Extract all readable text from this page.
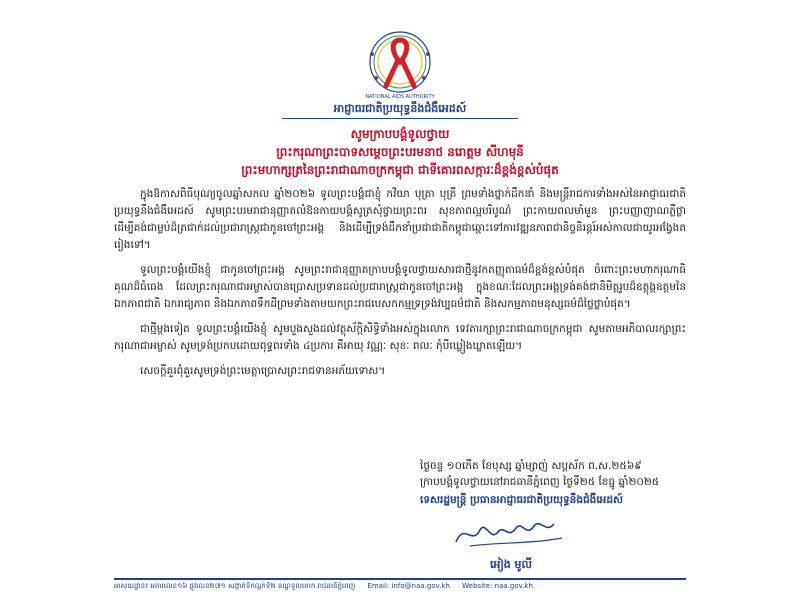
NATIONAL AIDS AUTHORITY
អាជ្ញាធរជាតិប្រយុទ្ធនឹងជំងឺអេដស៍
សូមក្រាបបង្គំទូលថ្វាយ
ព្រះករុណាព្រះបាទសម្តេចព្រះបរមនាថ នរោត្តម សីហមុនី
ព្រះមហាក្សត្រនៃព្រះរាជាណាចក្រកម្ពុជា ជាទីគោរពសក្ការៈដ៏ខ្ពង់ខ្ពស់បំផុត

ក្នុងឱកាសពិធីបុណ្យចូលឆ្នាំសកល ឆ្នាំ២០២៦ ទូលព្រះបង្គំជាខ្ញុំ កវិយា បុត្រា បុត្រី ព្រមទាំងថ្នាក់ដឹកនាំ និងមន្ត្រីរាជការទាំងអស់នៃអាជ្ញាធរជាតិប្រយុទ្ធនឹងជំងឺអេដស៍ សូមព្រះបរមរាជានុញ្ញាតលំឱនកាយបង្គំសូត្រសុំថ្វាយព្រះពរ សុខភាពល្អបរិបូណ៌ ព្រះកាយពលមាំមួន ព្រះបញ្ញាញាណភ្លឺថ្លា ដើម្បីគង់ជាម្លប់ដ៏ត្រជាក់ដល់ប្រជារាស្ត្រជាកូនចៅព្រះអង្គ និងដើម្បីទ្រង់ដឹកនាំប្រជាជាតិកម្ពុជាឆ្ពោះទៅការវឌ្ឍនភាពជានិច្ចនិរន្តរ៍អស់កាលជាយូរអង្វែងតរៀងទៅ។

ទូលព្រះបង្គំយើងខ្ញុំ ជាកូនចៅព្រះអង្គ សូមព្រះរាជានុញ្ញាតក្រាបបង្គំទូលថ្វាយសារជាថ្មីនូវកតញ្ញុតាធម៌ដ៏ខ្ពង់ខ្ពស់បំផុត ចំពោះព្រះមហាករុណាធិគុណដ៏ធំធេង ដែលព្រះករុណាជាអម្ចាស់បានប្រោសប្រទានដល់ប្រជារាស្ត្រជាកូនចៅព្រះអង្គ ក្នុងខណៈដែលព្រះអង្គទ្រង់គង់ជានិមិត្តរូបដ៏ឧត្តុង្គឧត្តមនៃឯកភាពជាតិ ឯករាជ្យភាព និងឯកភាពទឹកដីព្រមទាំងតាមយកព្រះរាជបេសកកម្មទ្រទ្រង់វប្បធម៌ជាតិ និងសកម្មភាពមនុស្សធម៌ដ៏ថ្លៃថ្លាបំផុត។

ជាថ្មីម្តងទៀត ទូលព្រះបង្គំយើងខ្ញុំ សូមបួងសួងដល់វត្ថុស័ក្តិសិទ្ធិទាំងអស់ក្នុងលោក ទេវតារក្សាព្រះរាជាណាចក្រកម្ពុជា សូមតាមអភិបាលរក្សាព្រះករុណាជាអម្ចាស់ សូមទ្រង់ប្រកបដោយពុទ្ធពរទាំង ៤ប្រការ គឺអាយុ វណ្ណៈ សុខៈ ពលៈ កុំបីឃ្លៀងឃ្លាតឡើយ។

សេចក្តីគួរពុំគួរសូមទ្រង់ព្រះមេត្តាប្រោសព្រះរាជទានអភ័យទោស។

ថ្ងៃចន្ទ ១០កើត ខែបុស្ស ឆ្នាំម្សាញ់ សប្តស័ក ព.ស.២៥៦៩
ក្រាបបង្គំទូលថ្វាយនៅរាជធានីភ្នំពេញ ថ្ងៃទី២៥ ខែធ្នូ ឆ្នាំ២០២៥
ទេសរដ្ឋមន្ត្រី ប្រធានអាជ្ញាធរជាតិប្រយុទ្ធនឹងជំងឺអេដស៍
អៀង មូលី
អាសយដ្ឋាន៖ អគារលេខ១៦ ផ្លូវលេខ២៧១ សង្កាត់ទឹកល្អក់ទី២ ខណ្ឌទួលគោក រាជធានីភ្នំពេញ Email: info@naa.gov.kh Website: naa.gov.kh
